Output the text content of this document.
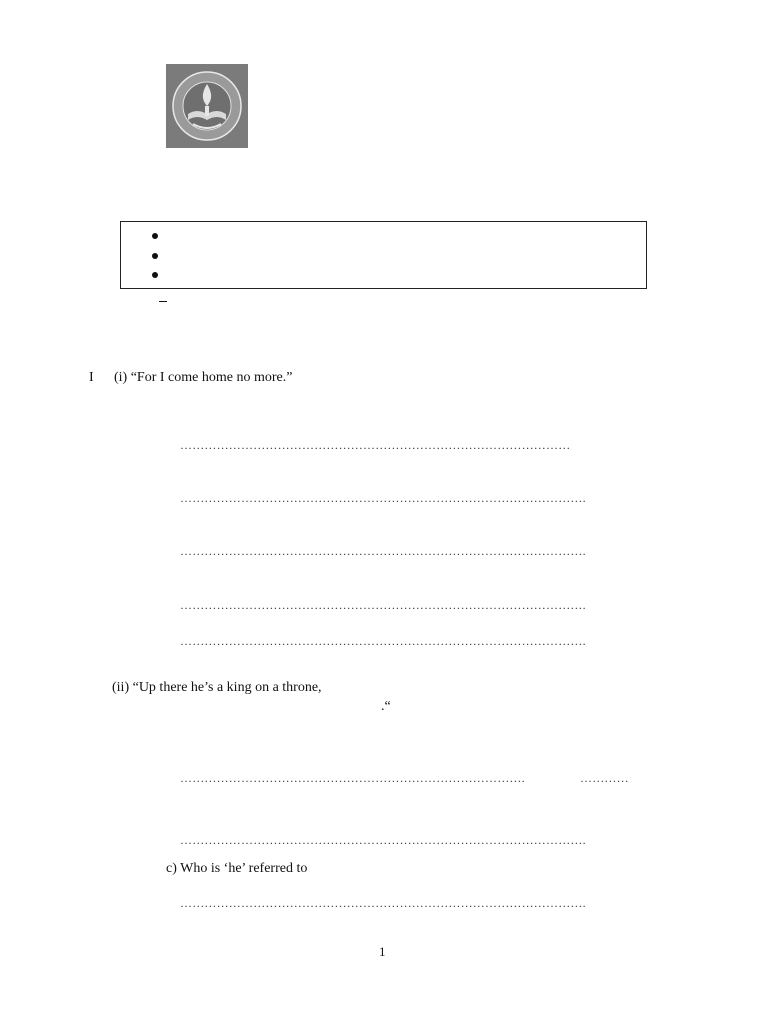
I (i) “For I come home no more.”
……………………………………………………………………………………
……………………………………………………………………………………….
……………………………………………………………………………………….
……………………………………………………………………………………….
……………………………………………………………………………………….
(ii) “Up there he’s a king on a throne,
.“
………………………………………………………………………….	…………
……………………………………………………………………………………….
c) Who is ‘he’ referred to
……………………………………………………………………………………….
1
